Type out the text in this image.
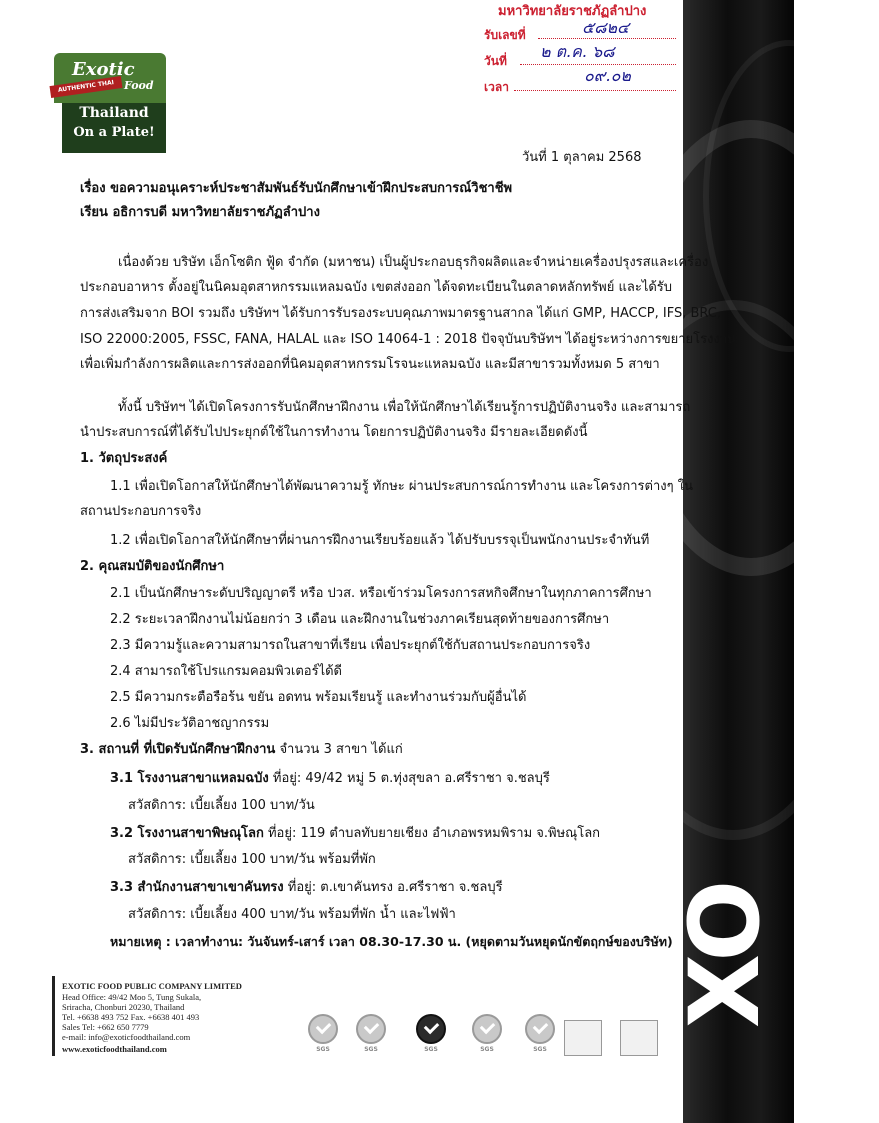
XO
Exotic
Food
AUTHENTIC THAI
Thailand
On a Plate!
มหาวิทยาลัยราชภัฏลำปาง
รับเลขที่	๕๘๒๔
วันที่ ๒ ต.ค. ๖๘
เวลา
๐๙.๐๒
วันที่ 1 ตุลาคม 2568
เรื่อง ขอความอนุเคราะห์ประชาสัมพันธ์รับนักศึกษาเข้าฝึกประสบการณ์วิชาชีพ
เรียน อธิการบดี มหาวิทยาลัยราชภัฏลำปาง
เนื่องด้วย บริษัท เอ็กโซติก ฟู้ด จำกัด (มหาชน) เป็นผู้ประกอบธุรกิจผลิตและจำหน่ายเครื่องปรุงรสและเครื่อง
ประกอบอาหาร ตั้งอยู่ในนิคมอุตสาหกรรมแหลมฉบัง เขตส่งออก ได้จดทะเบียนในตลาดหลักทรัพย์ และได้รับ
การส่งเสริมจาก BOI รวมถึง บริษัทฯ ได้รับการรับรองระบบคุณภาพมาตรฐานสากล ได้แก่ GMP, HACCP, IFS, BRC,
ISO 22000:2005, FSSC, FANA, HALAL และ ISO 14064-1 : 2018 ปัจจุบันบริษัทฯ ได้อยู่ระหว่างการขยายโรงงาน
เพื่อเพิ่มกำลังการผลิตและการส่งออกที่นิคมอุตสาหกรรมโรจนะแหลมฉบัง และมีสาขารวมทั้งหมด 5 สาขา
ทั้งนี้ บริษัทฯ ได้เปิดโครงการรับนักศึกษาฝึกงาน เพื่อให้นักศึกษาได้เรียนรู้การปฏิบัติงานจริง และสามารถ
นำประสบการณ์ที่ได้รับไปประยุกต์ใช้ในการทำงาน โดยการปฏิบัติงานจริง มีรายละเอียดดังนี้
1. วัตถุประสงค์
1.1 เพื่อเปิดโอกาสให้นักศึกษาได้พัฒนาความรู้ ทักษะ ผ่านประสบการณ์การทำงาน และโครงการต่างๆ ใน
สถานประกอบการจริง
1.2 เพื่อเปิดโอกาสให้นักศึกษาที่ผ่านการฝึกงานเรียบร้อยแล้ว ได้ปรับบรรจุเป็นพนักงานประจำทันที
2. คุณสมบัติของนักศึกษา
2.1 เป็นนักศึกษาระดับปริญญาตรี หรือ ปวส. หรือเข้าร่วมโครงการสหกิจศึกษาในทุกภาคการศึกษา
2.2 ระยะเวลาฝึกงานไม่น้อยกว่า 3 เดือน และฝึกงานในช่วงภาคเรียนสุดท้ายของการศึกษา
2.3 มีความรู้และความสามารถในสาขาที่เรียน เพื่อประยุกต์ใช้กับสถานประกอบการจริง
2.4 สามารถใช้โปรแกรมคอมพิวเตอร์ได้ดี
2.5 มีความกระตือรือร้น ขยัน อดทน พร้อมเรียนรู้ และทำงานร่วมกับผู้อื่นได้
2.6 ไม่มีประวัติอาชญากรรม
3. สถานที่ ที่เปิดรับนักศึกษาฝึกงาน จำนวน 3 สาขา ได้แก่
3.1 โรงงานสาขาแหลมฉบัง ที่อยู่: 49/42 หมู่ 5 ต.ทุ่งสุขลา อ.ศรีราชา จ.ชลบุรี
สวัสดิการ: เบี้ยเลี้ยง 100 บาท/วัน
3.2 โรงงานสาขาพิษณุโลก ที่อยู่: 119 ตำบลทับยายเชียง อำเภอพรหมพิราม จ.พิษณุโลก
สวัสดิการ: เบี้ยเลี้ยง 100 บาท/วัน พร้อมที่พัก
3.3 สำนักงานสาขาเขาคันทรง ที่อยู่: ต.เขาคันทรง อ.ศรีราชา จ.ชลบุรี
สวัสดิการ: เบี้ยเลี้ยง 400 บาท/วัน พร้อมที่พัก น้ำ และไฟฟ้า
หมายเหตุ : เวลาทำงาน: วันจันทร์-เสาร์ เวลา 08.30-17.30 น. (หยุดตามวันหยุดนักขัตฤกษ์ของบริษัท)
EXOTIC FOOD PUBLIC COMPANY LIMITED
Head Office: 49/42 Moo 5, Tung Sukala,
Sriracha, Chonburi 20230, Thailand
Tel. +6638 493 752 Fax. +6638 401 493
Sales Tel: +662 650 7779
e-mail: info@exoticfoodthailand.com
www.exoticfoodthailand.com	SGS	SGS	SGS	SGS	SGS
